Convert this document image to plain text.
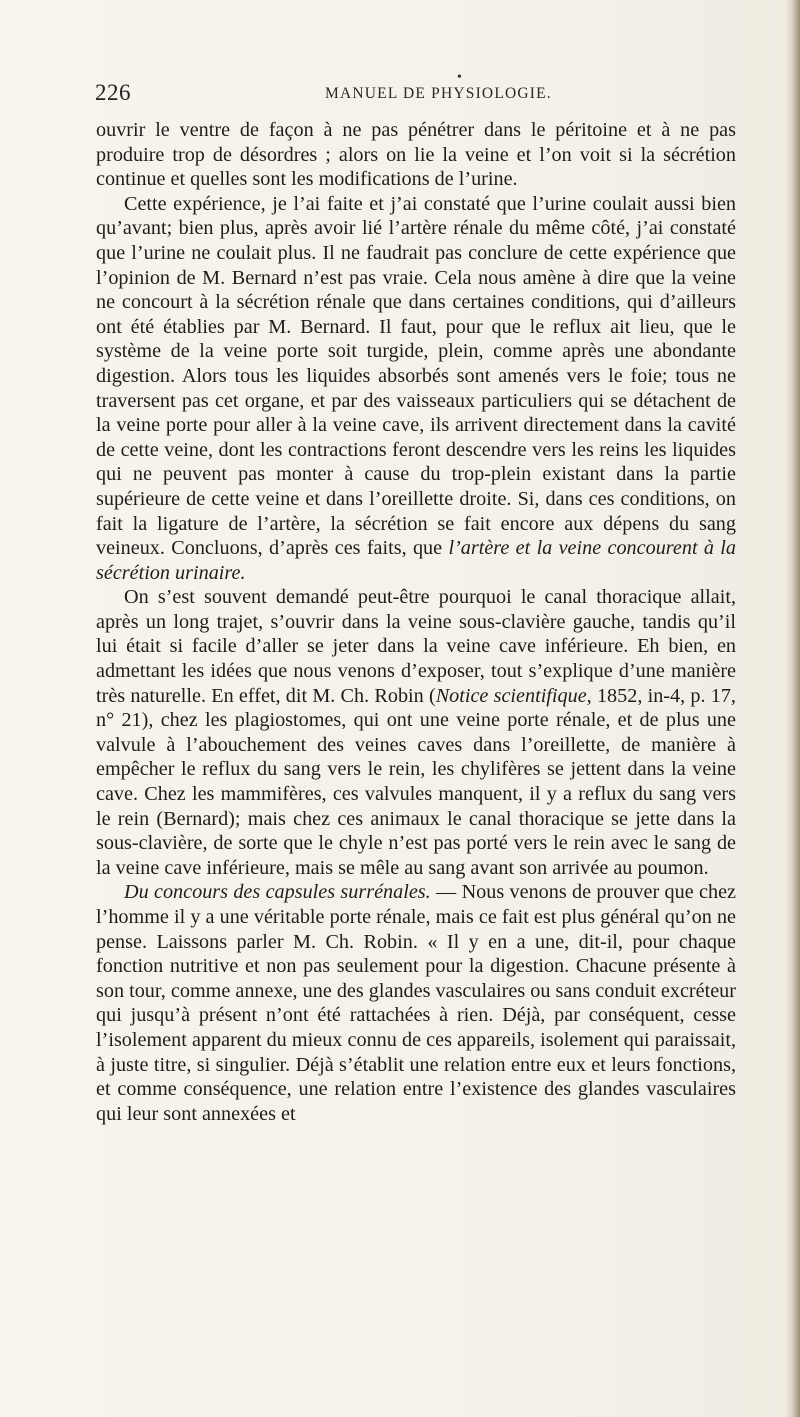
•
226	MANUEL DE PHYSIOLOGIE.

ouvrir le ventre de façon à ne pas pénétrer dans le péritoine et à ne pas produire trop de désordres ; alors on lie la veine et l’on voit si la sécrétion continue et quelles sont les modifications de l’urine.

Cette expérience, je l’ai faite et j’ai constaté que l’urine coulait aussi bien qu’avant; bien plus, après avoir lié l’artère rénale du même côté, j’ai constaté que l’urine ne coulait plus. Il ne faudrait pas conclure de cette expérience que l’opinion de M. Bernard n’est pas vraie. Cela nous amène à dire que la veine ne concourt à la sécrétion rénale que dans certaines conditions, qui d’ailleurs ont été établies par M. Bernard. Il faut, pour que le reflux ait lieu, que le système de la veine porte soit turgide, plein, comme après une abondante digestion. Alors tous les liquides absorbés sont amenés vers le foie; tous ne traversent pas cet organe, et par des vaisseaux particuliers qui se détachent de la veine porte pour aller à la veine cave, ils arrivent directement dans la cavité de cette veine, dont les contractions feront descendre vers les reins les liquides qui ne peuvent pas monter à cause du trop-plein existant dans la partie supérieure de cette veine et dans l’oreillette droite. Si, dans ces conditions, on fait la ligature de l’artère, la sécrétion se fait encore aux dépens du sang veineux. Concluons, d’après ces faits, que l’artère et la veine concourent à la sécrétion urinaire.

On s’est souvent demandé peut-être pourquoi le canal thoracique allait, après un long trajet, s’ouvrir dans la veine sous-clavière gauche, tandis qu’il lui était si facile d’aller se jeter dans la veine cave inférieure. Eh bien, en admettant les idées que nous venons d’exposer, tout s’explique d’une manière très naturelle. En effet, dit M. Ch. Robin (Notice scientifique, 1852, in-4, p. 17, n° 21), chez les plagiostomes, qui ont une veine porte rénale, et de plus une valvule à l’abouchement des veines caves dans l’oreillette, de manière à empêcher le reflux du sang vers le rein, les chylifères se jettent dans la veine cave. Chez les mammifères, ces valvules manquent, il y a reflux du sang vers le rein (Bernard); mais chez ces animaux le canal thoracique se jette dans la sous-clavière, de sorte que le chyle n’est pas porté vers le rein avec le sang de la veine cave inférieure, mais se mêle au sang avant son arrivée au poumon.

Du concours des capsules surrénales. — Nous venons de prouver que chez l’homme il y a une véritable porte rénale, mais ce fait est plus général qu’on ne pense. Laissons parler M. Ch. Robin. « Il y en a une, dit-il, pour chaque fonction nutritive et non pas seulement pour la digestion. Chacune présente à son tour, comme annexe, une des glandes vasculaires ou sans conduit excréteur qui jusqu’à présent n’ont été rattachées à rien. Déjà, par conséquent, cesse l’isolement apparent du mieux connu de ces appareils, isolement qui paraissait, à juste titre, si singulier. Déjà s’établit une relation entre eux et leurs fonctions, et comme conséquence, une relation entre l’existence des glandes vasculaires qui leur sont annexées et
